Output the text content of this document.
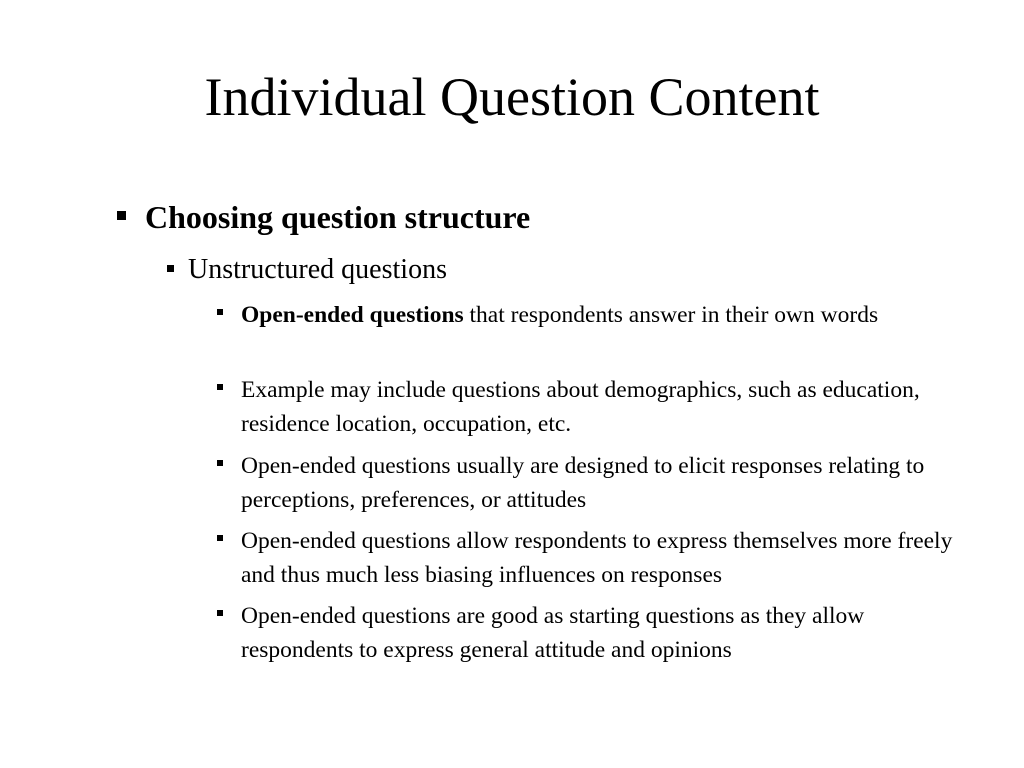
Individual Question Content
Choosing question structure
Unstructured questions
Open-ended questions that respondents answer in their own words
Example may include questions about demographics, such as education, residence location, occupation, etc.
Open-ended questions usually are designed to elicit responses relating to perceptions, preferences, or attitudes
Open-ended questions allow respondents to express themselves more freely and thus much less biasing influences on responses
Open-ended questions are good as starting questions as they allow respondents to express general attitude and opinions
